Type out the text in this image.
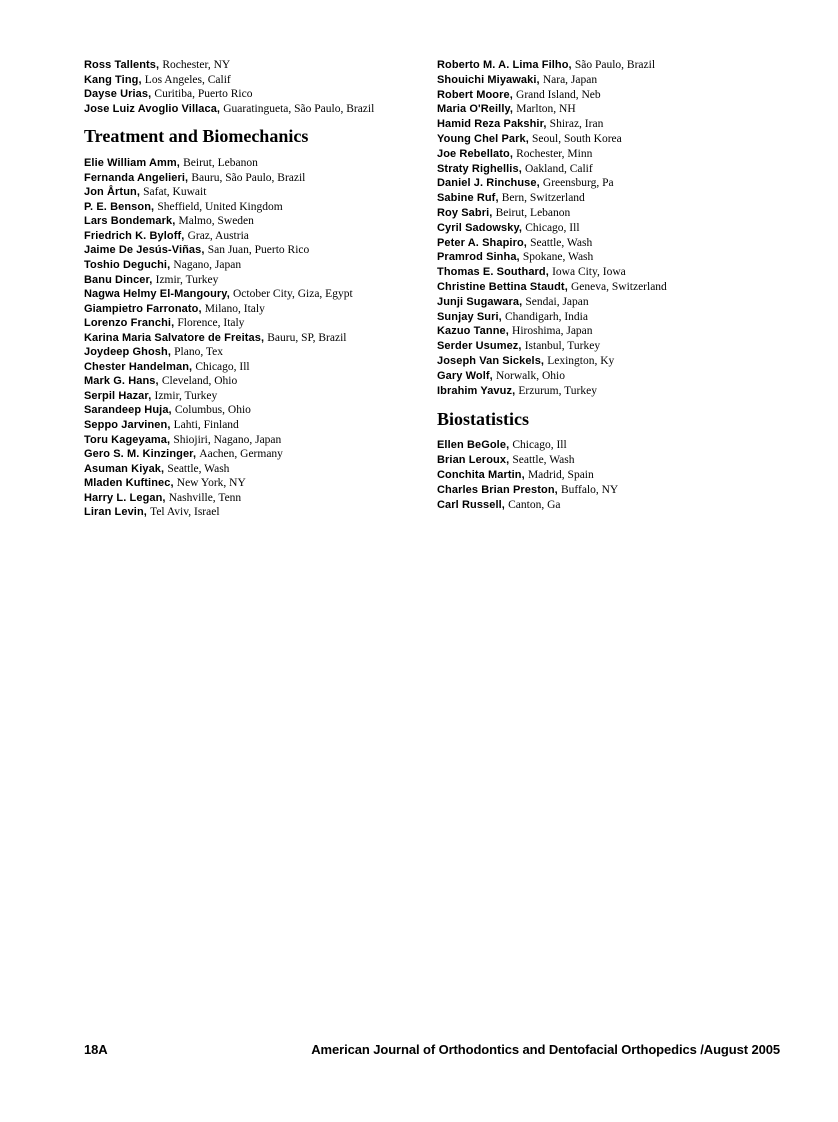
Ross Tallents , Rochester, NY
Kang Ting , Los Angeles, Calif
Dayse Urias , Curitiba, Puerto Rico
Jose Luiz Avoglio Villaca , Guaratingueta, São Paulo, Brazil
Treatment and Biomechanics
Elie William Amm , Beirut, Lebanon
Fernanda Angelieri , Bauru, São Paulo, Brazil
Jon Årtun , Safat, Kuwait
P. E. Benson , Sheffield, United Kingdom
Lars Bondemark , Malmo, Sweden
Friedrich K. Byloff , Graz, Austria
Jaime De Jesús-Viñas , San Juan, Puerto Rico
Toshio Deguchi , Nagano, Japan
Banu Dincer , Izmir, Turkey
Nagwa Helmy El-Mangoury , October City, Giza, Egypt
Giampietro Farronato , Milano, Italy
Lorenzo Franchi , Florence, Italy
Karina Maria Salvatore de Freitas , Bauru, SP, Brazil
Joydeep Ghosh , Plano, Tex
Chester Handelman , Chicago, Ill
Mark G. Hans , Cleveland, Ohio
Serpil Hazar , Izmir, Turkey
Sarandeep Huja , Columbus, Ohio
Seppo Jarvinen , Lahti, Finland
Toru Kageyama , Shiojiri, Nagano, Japan
Gero S. M. Kinzinger , Aachen, Germany
Asuman Kiyak , Seattle, Wash
Mladen Kuftinec , New York, NY
Harry L. Legan , Nashville, Tenn
Liran Levin , Tel Aviv, Israel
Roberto M. A. Lima Filho , São Paulo, Brazil
Shouichi Miyawaki , Nara, Japan
Robert Moore , Grand Island, Neb
Maria O'Reilly , Marlton, NH
Hamid Reza Pakshir , Shiraz, Iran
Young Chel Park , Seoul, South Korea
Joe Rebellato , Rochester, Minn
Straty Righellis , Oakland, Calif
Daniel J. Rinchuse , Greensburg, Pa
Sabine Ruf , Bern, Switzerland
Roy Sabri , Beirut, Lebanon
Cyril Sadowsky , Chicago, Ill
Peter A. Shapiro , Seattle, Wash
Pramrod Sinha , Spokane, Wash
Thomas E. Southard , Iowa City, Iowa
Christine Bettina Staudt , Geneva, Switzerland
Junji Sugawara , Sendai, Japan
Sunjay Suri , Chandigarh, India
Kazuo Tanne , Hiroshima, Japan
Serder Usumez , Istanbul, Turkey
Joseph Van Sickels , Lexington, Ky
Gary Wolf , Norwalk, Ohio
Ibrahim Yavuz , Erzurum, Turkey
Biostatistics
Ellen BeGole , Chicago, Ill
Brian Leroux , Seattle, Wash
Conchita Martin , Madrid, Spain
Charles Brian Preston , Buffalo, NY
Carl Russell , Canton, Ga
18A	American Journal of Orthodontics and Dentofacial Orthopedics /August 2005
